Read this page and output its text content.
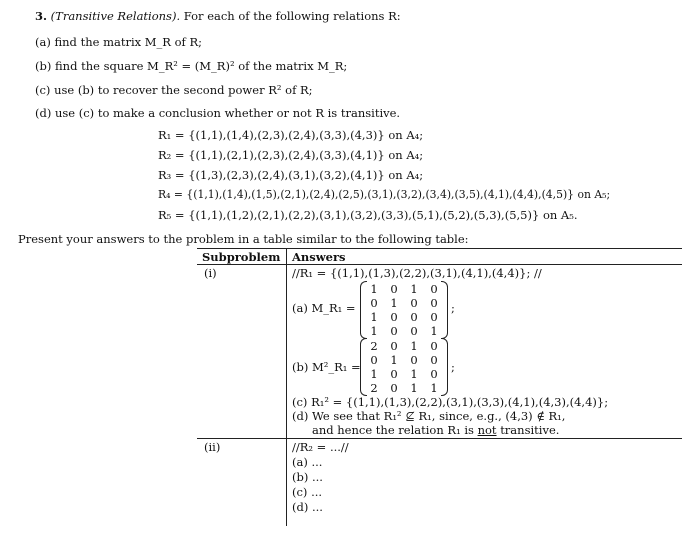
3. (Transitive Relations). For each of the following relations R:
(a) find the matrix M_R of R;
(b) find the square M_R² = (M_R)² of the matrix M_R;
(c) use (b) to recover the second power R² of R;
(d) use (c) to make a conclusion whether or not R is transitive.
R₁ = {(1,1),(1,4),(2,3),(2,4),(3,3),(4,3)} on A₄;
R₂ = {(1,1),(2,1),(2,3),(2,4),(3,3),(4,1)} on A₄;
R₃ = {(1,3),(2,3),(2,4),(3,1),(3,2),(4,1)} on A₄;
R₄ = {(1,1),(1,4),(1,5),(2,1),(2,4),(2,5),(3,1),(3,2),(3,4),(3,5),(4,1),(4,4),(4,5)} on A₅;
R₅ = {(1,1),(1,2),(2,1),(2,2),(3,1),(3,2),(3,3),(5,1),(5,2),(5,3),(5,5)} on A₅.
Present your answers to the problem in a table similar to the following table:
Subproblem Answers
(i)	//R₁ = {(1,1),(1,3),(2,2),(3,1),(4,1),(4,4)}; //
(a) M_R₁ =
1	0	1	0
0	1	0	0
1	0	0	0
1	0	0	1
;
(b) M²_R₁ =
2	0	1	0
0	1	0	0
1	0	1	0
2	0	1	1
;
(c) R₁² = {(1,1),(1,3),(2,2),(3,1),(3,3),(4,1),(4,3),(4,4)};
(d) We see that R₁² ⊈ R₁, since, e.g., (4,3) ∉ R₁,
and hence the relation R₁ is not transitive.
(ii)	//R₂ = ...//
(a) ...
(b) ...
(c) ...
(d) ...
